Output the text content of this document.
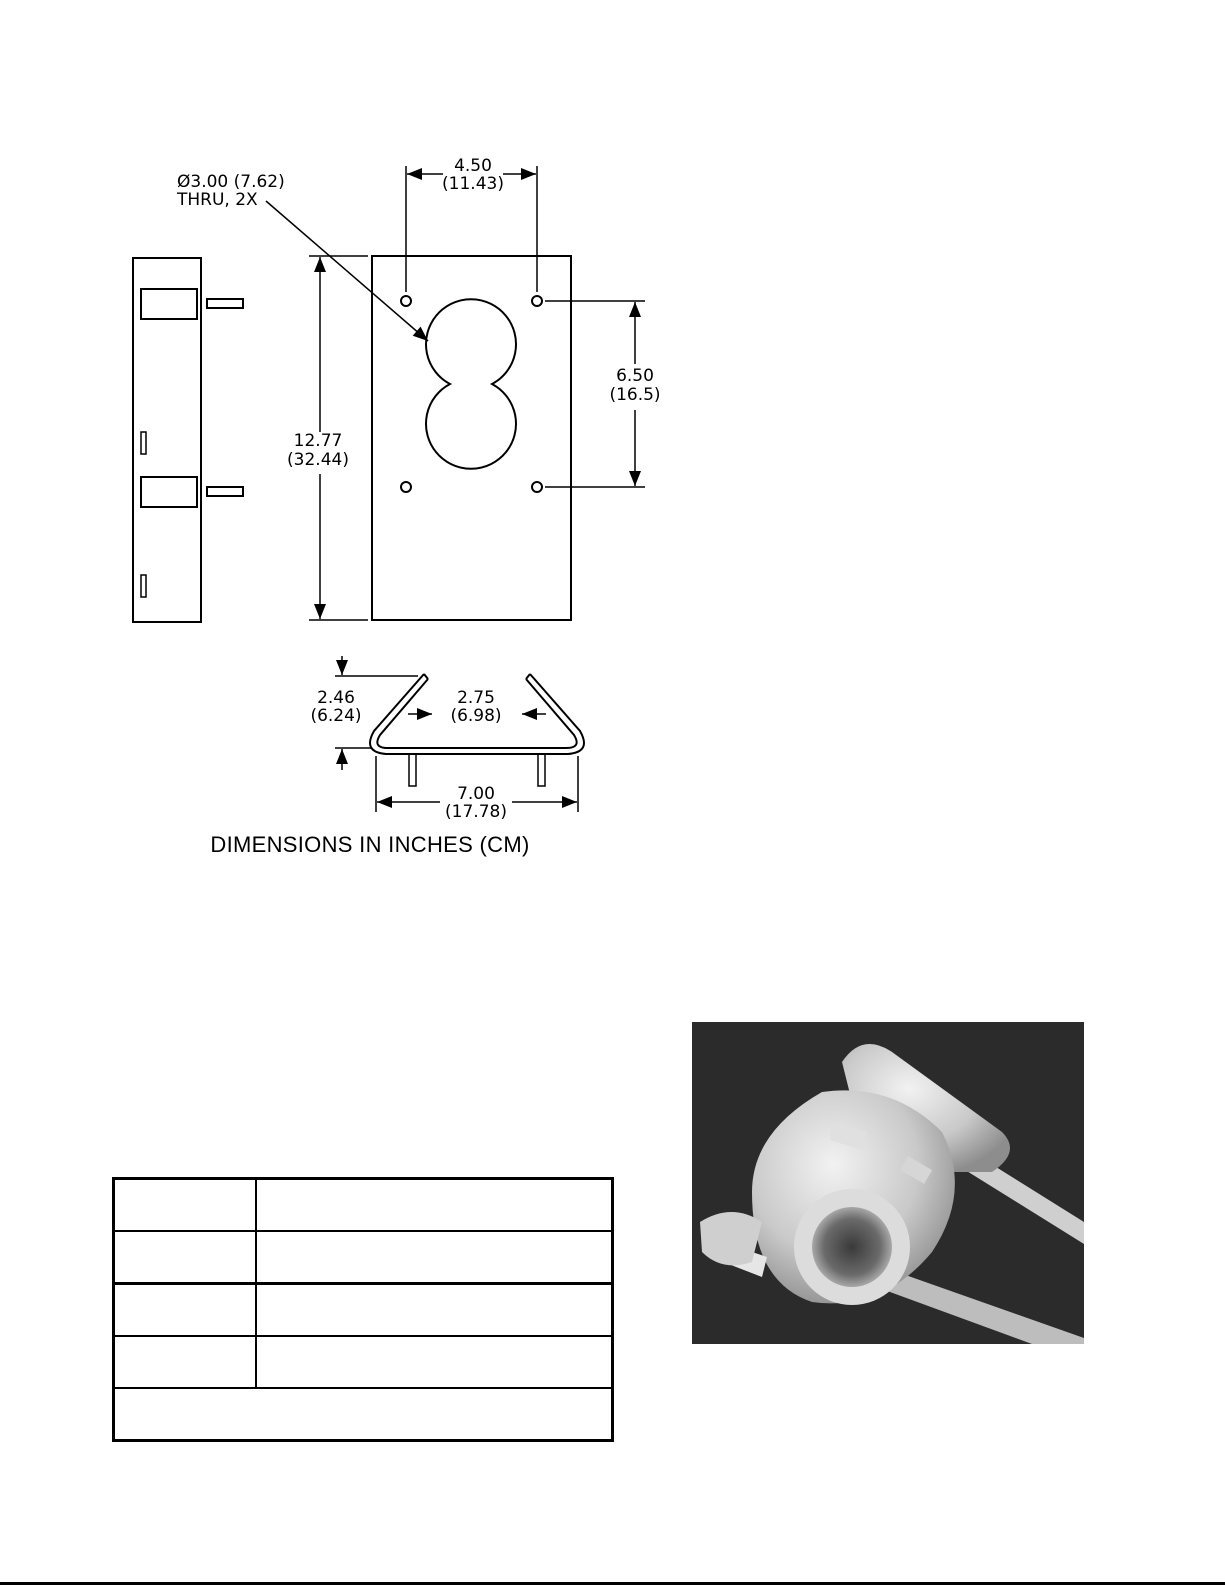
Ø3.00 (7.62)
THRU, 2X
4.50
(11.43)
12.77
(32.44)
6.50
(16.5)
2.46
(6.24)
2.75
(6.98)
7.00
(17.78)
DIMENSIONS IN INCHES (CM)
